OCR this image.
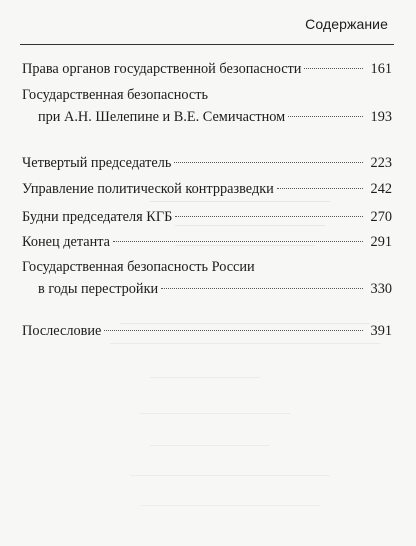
Содержание
Права органов государственной безопасности	161
Государственная безопасность
при А.Н. Шелепине и В.Е. Семичастном	193
Четвертый председатель	223
Управление политической контрразведки	242
Будни председателя КГБ	270
Конец детанта	291
Государственная безопасность России
в годы перестройки	330
Послесловие	391
